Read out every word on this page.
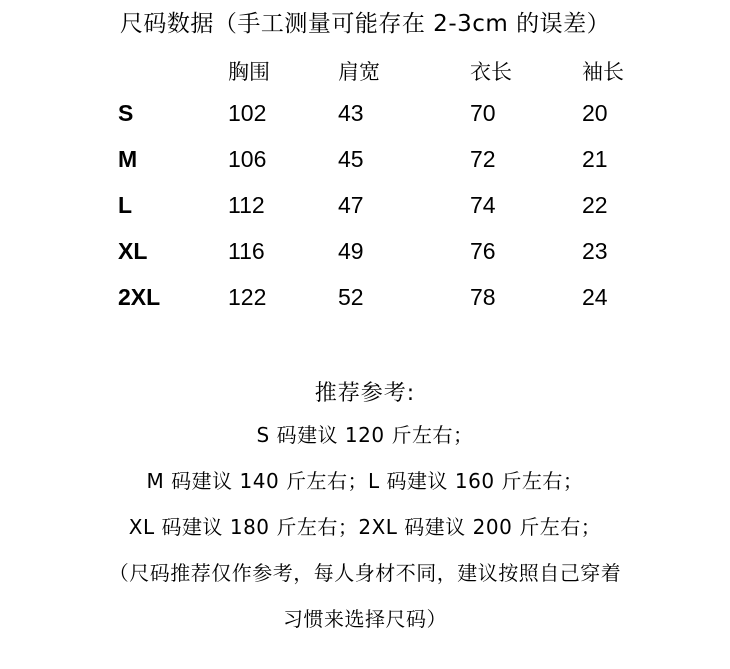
尺码数据（手工测量可能存在 2-3cm 的误差）
	胸围	肩宽	衣长	袖长
S	102	43	70	20
M	106	45	72	21
L	112	47	74	22
XL	116	49	76	23
2XL	122	52	78	24
推荐参考:
S 码建议 120 斤左右；
M 码建议 140 斤左右；L 码建议 160 斤左右；
XL 码建议 180 斤左右；2XL 码建议 200 斤左右；
（尺码推荐仅作参考，每人身材不同，建议按照自己穿着
习惯来选择尺码）
